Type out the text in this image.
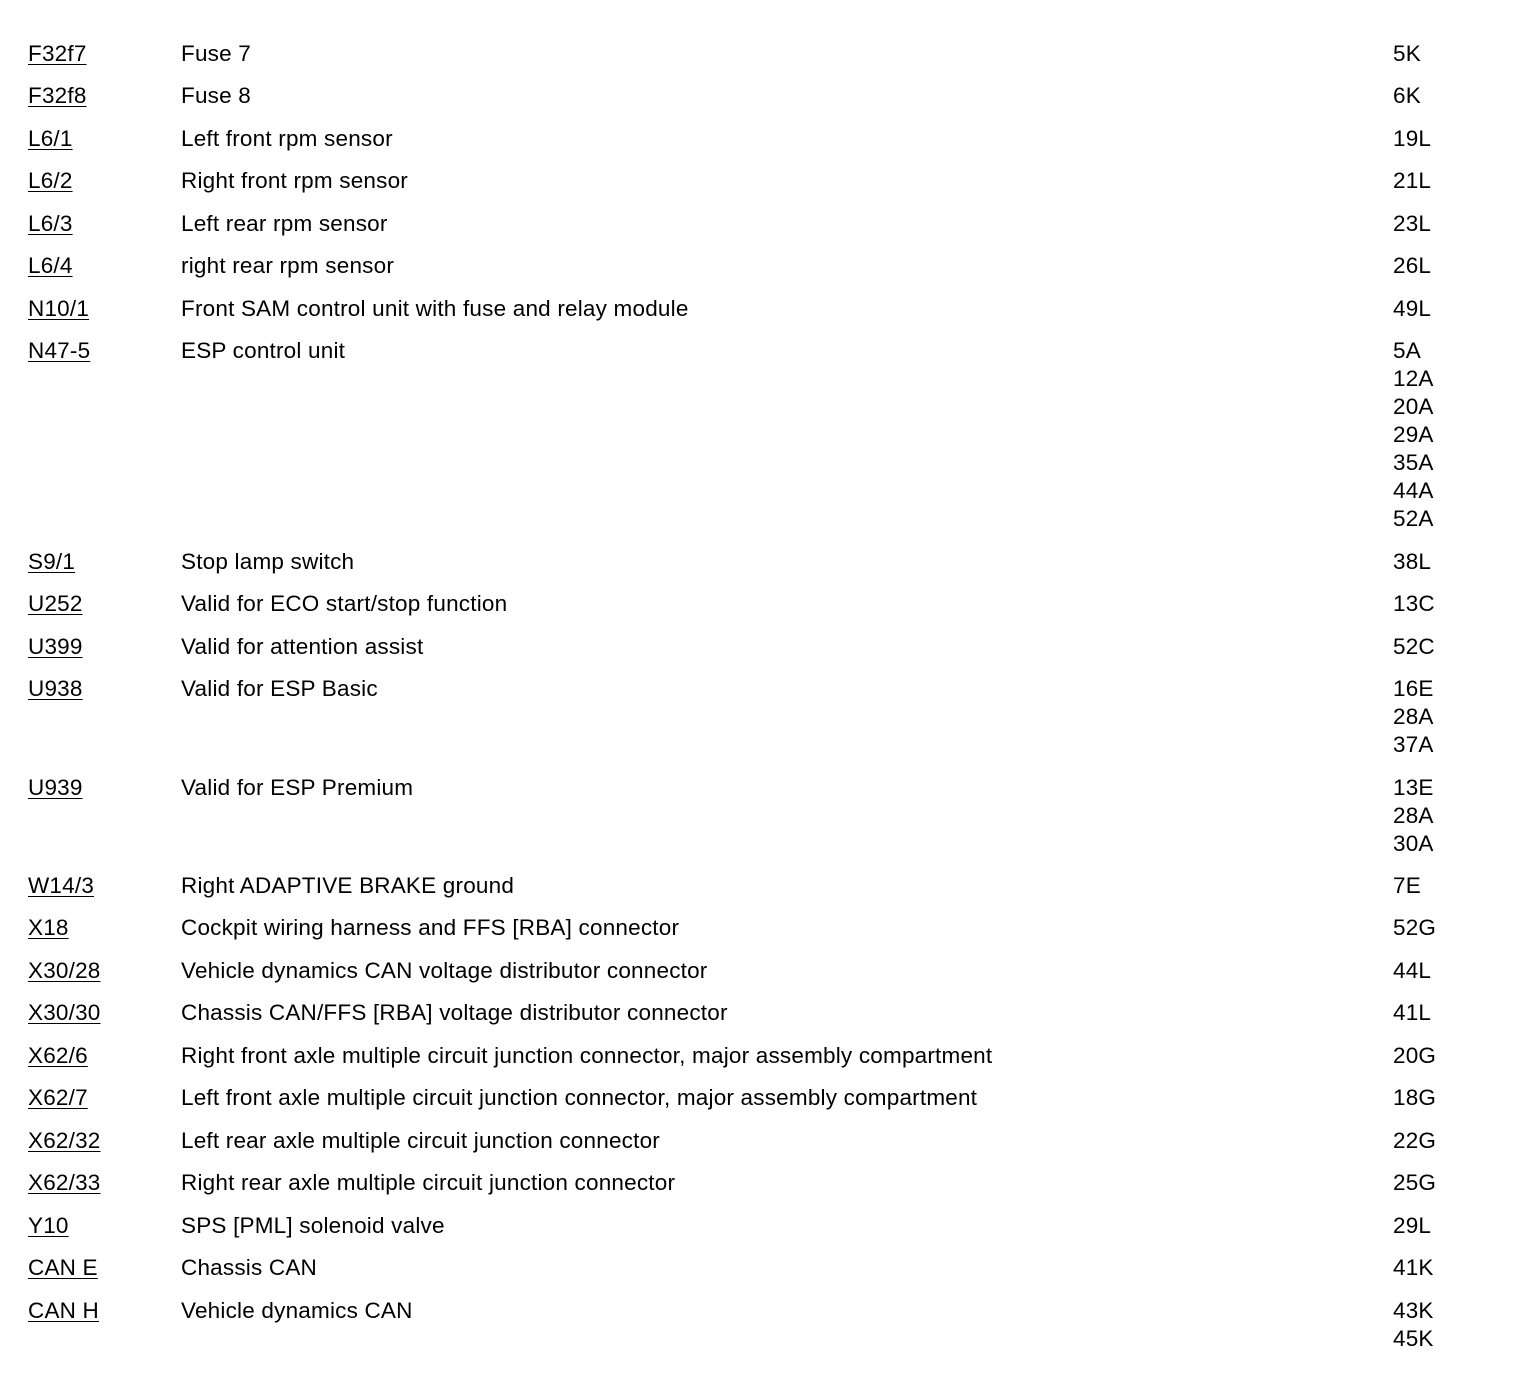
F32f7	Fuse 7	5K
F32f8	Fuse 8	6K
L6/1	Left front rpm sensor	19L
L6/2	Right front rpm sensor	21L
L6/3	Left rear rpm sensor	23L
L6/4	right rear rpm sensor	26L
N10/1	Front SAM control unit with fuse and relay module	49L
N47-5	ESP control unit	5A
12A
20A
29A
35A
44A
52A
S9/1	Stop lamp switch	38L
U252	Valid for ECO start/stop function	13C
U399	Valid for attention assist	52C
U938	Valid for ESP Basic	16E
28A
37A
U939	Valid for ESP Premium	13E
28A
30A
W14/3	Right ADAPTIVE BRAKE ground	7E
X18	Cockpit wiring harness and FFS [RBA] connector	52G
X30/28	Vehicle dynamics CAN voltage distributor connector	44L
X30/30	Chassis CAN/FFS [RBA] voltage distributor connector	41L
X62/6	Right front axle multiple circuit junction connector, major assembly compartment	20G
X62/7	Left front axle multiple circuit junction connector, major assembly compartment	18G
X62/32	Left rear axle multiple circuit junction connector	22G
X62/33	Right rear axle multiple circuit junction connector	25G
Y10	SPS [PML] solenoid valve	29L
CAN E	Chassis CAN	41K
CAN H	Vehicle dynamics CAN	43K
45K
